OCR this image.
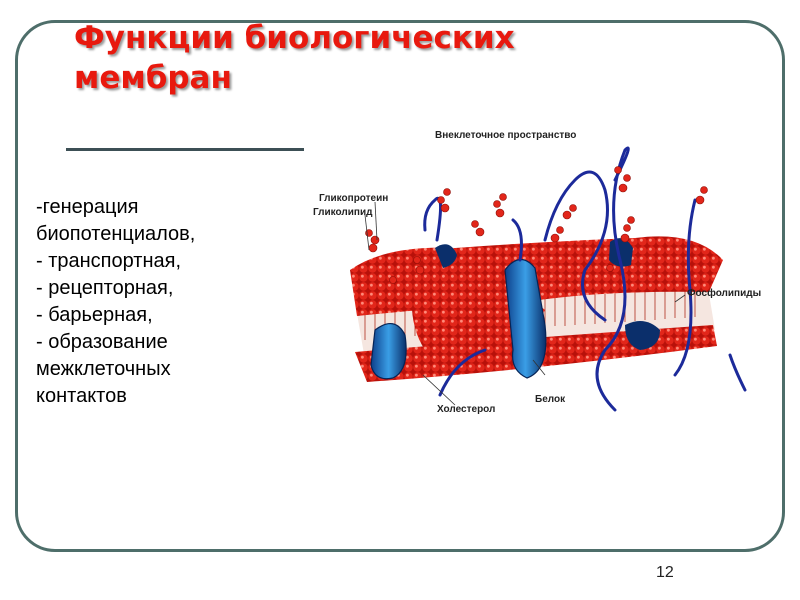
Функции биологических
мембран
-генерация
биопотенциалов,
- транспортная,
- рецепторная,
- барьерная,
- образование
межклеточных
контактов
Внеклеточное пространство
Гликопротеин
Гликолипид
Фосфолипиды
Холестерол
Белок
12
